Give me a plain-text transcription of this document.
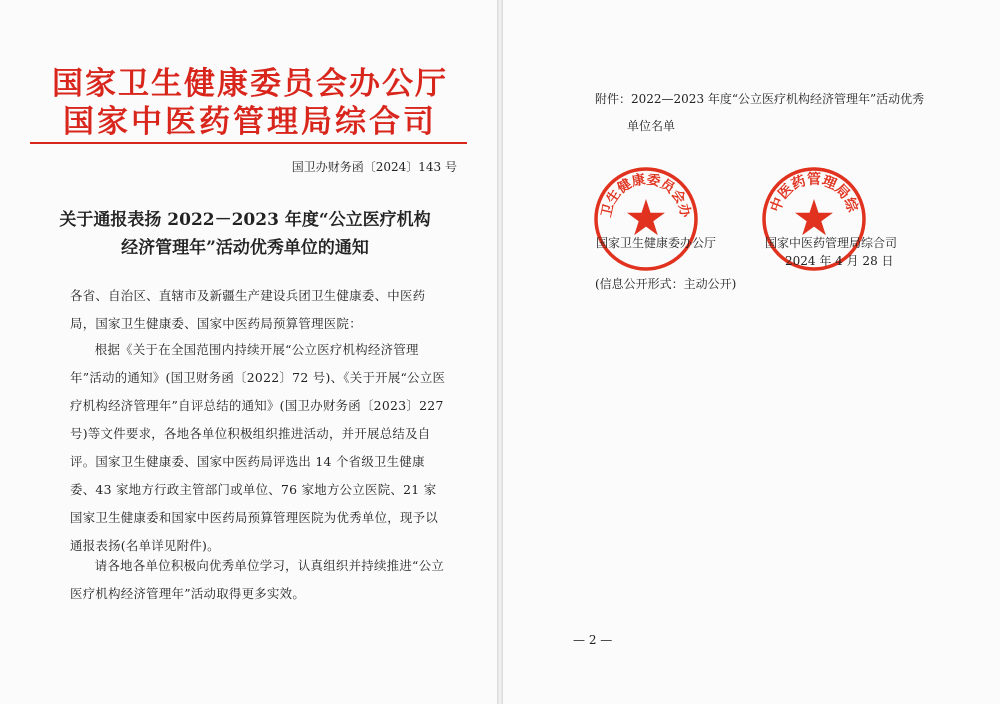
国家卫生健康委员会办公厅
国家中医药管理局综合司
国卫办财务函〔2024〕143 号
关于通报表扬 2022－2023 年度“公立医疗机构
经济管理年”活动优秀单位的通知
各省、自治区、直辖市及新疆生产建设兵团卫生健康委、中医药局，国家卫生健康委、国家中医药局预算管理医院：
根据《关于在全国范围内持续开展“公立医疗机构经济管理年”活动的通知》(国卫财务函〔2022〕72 号)、《关于开展“公立医疗机构经济管理年”自评总结的通知》(国卫办财务函〔2023〕227 号)等文件要求，各地各单位积极组织推进活动，并开展总结及自评。国家卫生健康委、国家中医药局评选出 14 个省级卫生健康委、43 家地方行政主管部门或单位、76 家地方公立医院、21 家国家卫生健康委和国家中医药局预算管理医院为优秀单位，现予以通报表扬(名单详见附件)。
请各地各单位积极向优秀单位学习，认真组织并持续推进“公立医疗机构经济管理年”活动取得更多实效。
附件：2022—2023 年度“公立医疗机构经济管理年”活动优秀
单位名单
卫生健康委员会办	中医药管理局综
国家卫生健康委办公厅	国家中医药管理局综合司
2024 年 4 月 28 日
(信息公开形式：主动公开)
— 2 —
